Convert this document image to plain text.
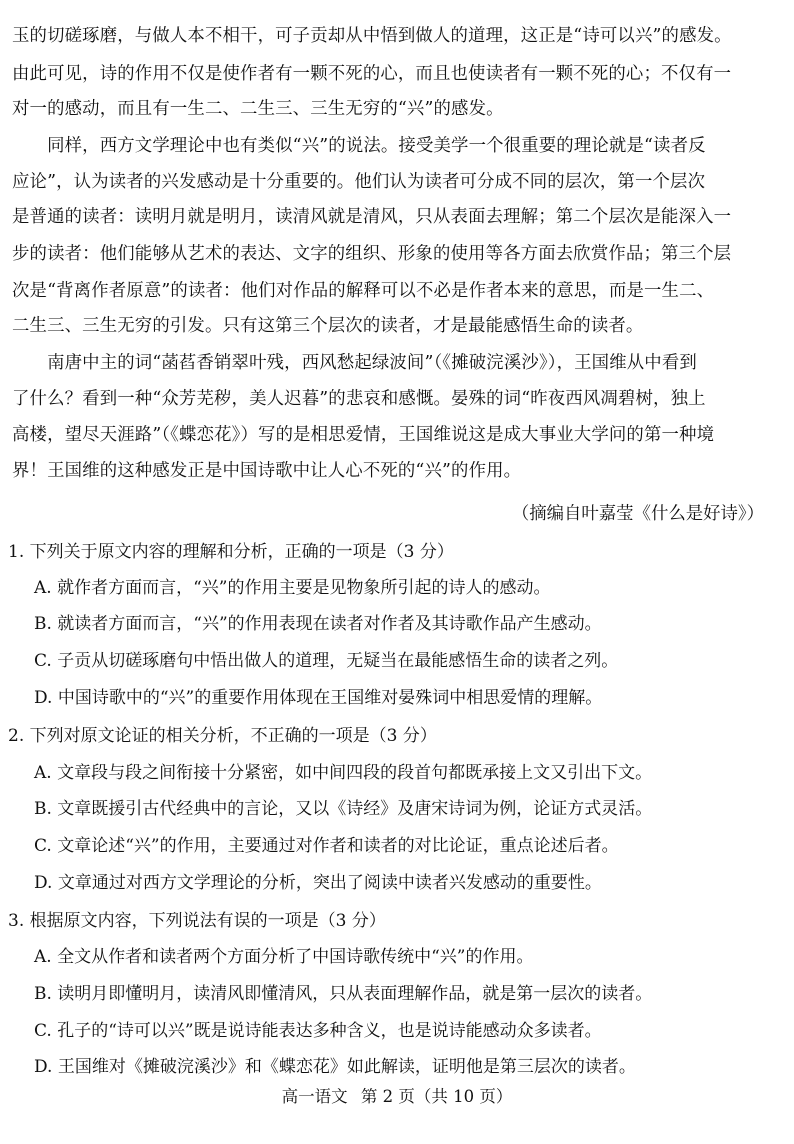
玉的切磋琢磨，与做人本不相干，可子贡却从中悟到做人的道理，这正是“诗可以兴”的感发。
由此可见，诗的作用不仅是使作者有一颗不死的心，而且也使读者有一颗不死的心；不仅有一
对一的感动，而且有一生二、二生三、三生无穷的“兴”的感发。
　　同样，西方文学理论中也有类似“兴”的说法。接受美学一个很重要的理论就是“读者反
应论”，认为读者的兴发感动是十分重要的。他们认为读者可分成不同的层次，第一个层次
是普通的读者：读明月就是明月，读清风就是清风，只从表面去理解；第二个层次是能深入一
步的读者：他们能够从艺术的表达、文字的组织、形象的使用等各方面去欣赏作品；第三个层
次是“背离作者原意”的读者：他们对作品的解释可以不必是作者本来的意思，而是一生二、
二生三、三生无穷的引发。只有这第三个层次的读者，才是最能感悟生命的读者。
　　南唐中主的词“菡萏香销翠叶残，西风愁起绿波间”（《摊破浣溪沙》），王国维从中看到
了什么？看到一种“众芳芜秽，美人迟暮”的悲哀和感慨。晏殊的词“昨夜西风凋碧树，独上
高楼，望尽天涯路”（《蝶恋花》）写的是相思爱情，王国维说这是成大事业大学问的第一种境
界！王国维的这种感发正是中国诗歌中让人心不死的“兴”的作用。
（摘编自叶嘉莹《什么是好诗》）
1. 下列关于原文内容的理解和分析，正确的一项是（3 分）
A. 就作者方面而言，“兴”的作用主要是见物象所引起的诗人的感动。
B. 就读者方面而言，“兴”的作用表现在读者对作者及其诗歌作品产生感动。
C. 子贡从切磋琢磨句中悟出做人的道理，无疑当在最能感悟生命的读者之列。
D. 中国诗歌中的“兴”的重要作用体现在王国维对晏殊词中相思爱情的理解。
2. 下列对原文论证的相关分析，不正确的一项是（3 分）
A. 文章段与段之间衔接十分紧密，如中间四段的段首句都既承接上文又引出下文。
B. 文章既援引古代经典中的言论，又以《诗经》及唐宋诗词为例，论证方式灵活。
C. 文章论述“兴”的作用，主要通过对作者和读者的对比论证，重点论述后者。
D. 文章通过对西方文学理论的分析，突出了阅读中读者兴发感动的重要性。
3. 根据原文内容，下列说法有误的一项是（3 分）
A. 全文从作者和读者两个方面分析了中国诗歌传统中“兴”的作用。
B. 读明月即懂明月，读清风即懂清风，只从表面理解作品，就是第一层次的读者。
C. 孔子的“诗可以兴”既是说诗能表达多种含义，也是说诗能感动众多读者。
D. 王国维对《摊破浣溪沙》和《蝶恋花》如此解读，证明他是第三层次的读者。
高一语文 第 2 页（共 10 页）
